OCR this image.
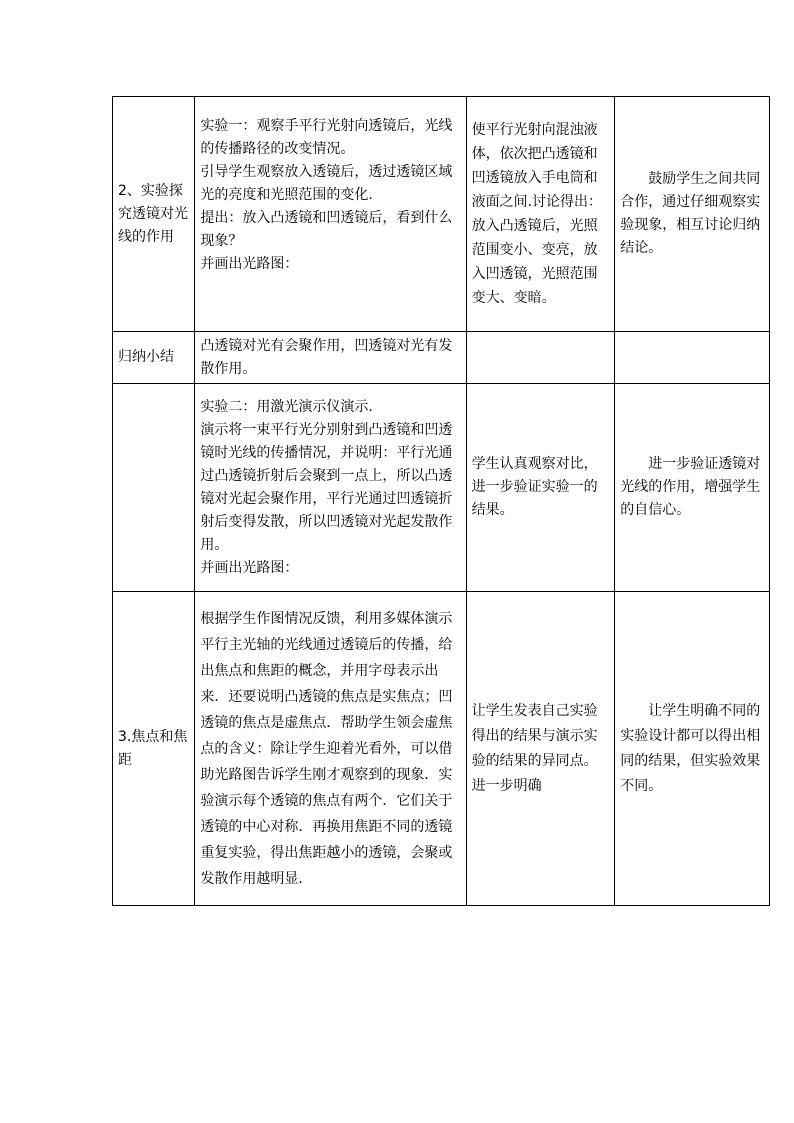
2、实验探究透镜对光线的作用	实验一：观察手平行光射向透镜后，光线的传播路径的改变情况。
引导学生观察放入透镜后，透过透镜区域光的亮度和光照范围的变化.
提出：放入凸透镜和凹透镜后，看到什么现象？
并画出光路图：	使平行光射向混浊液体，依次把凸透镜和凹透镜放入手电筒和液面之间.讨论得出：放入凸透镜后，光照范围变小、变亮，放入凹透镜，光照范围变大、变暗。	鼓励学生之间共同合作，通过仔细观察实验现象，相互讨论归纳结论。
归纳小结	凸透镜对光有会聚作用，凹透镜对光有发散作用。		

	实验二：用激光演示仪演示.
演示将一束平行光分别射到凸透镜和凹透镜时光线的传播情况，并说明：平行光通过凸透镜折射后会聚到一点上，所以凸透镜对光起会聚作用，平行光通过凹透镜折射后变得发散，所以凹透镜对光起发散作用。
并画出光路图：	学生认真观察对比，进一步验证实验一的结果。	进一步验证透镜对光线的作用，增强学生的自信心。
3.焦点和焦距	根据学生作图情况反馈，利用多媒体演示平行主光轴的光线通过透镜后的传播，给出焦点和焦距的概念，并用字母表示出来．还要说明凸透镜的焦点是实焦点；凹透镜的焦点是虚焦点．帮助学生领会虚焦点的含义：除让学生迎着光看外，可以借助光路图告诉学生刚才观察到的现象．实验演示每个透镜的焦点有两个．它们关于透镜的中心对称．再换用焦距不同的透镜重复实验，得出焦距越小的透镜，会聚或发散作用越明显.	让学生发表自己实验得出的结果与演示实验的结果的异同点。进一步明确	让学生明确不同的实验设计都可以得出相同的结果，但实验效果不同。
